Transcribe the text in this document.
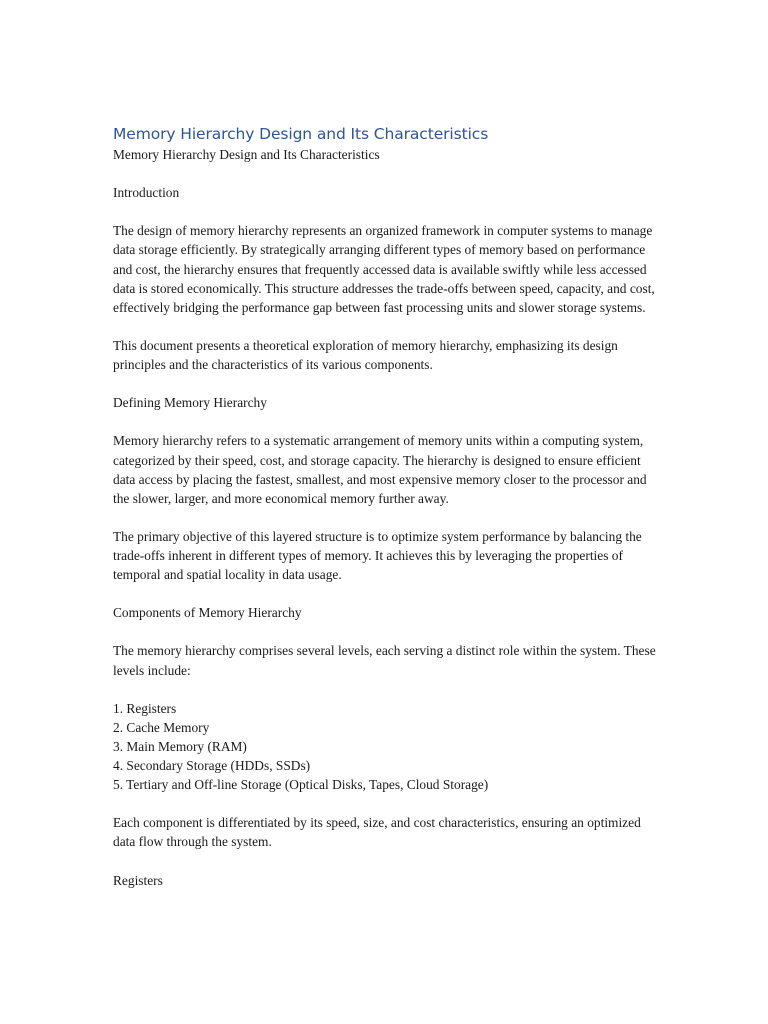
Memory Hierarchy Design and Its Characteristics

Memory Hierarchy Design and Its Characteristics

Introduction

The design of memory hierarchy represents an organized framework in computer systems to manage data storage efficiently. By strategically arranging different types of memory based on performance and cost, the hierarchy ensures that frequently accessed data is available swiftly while less accessed data is stored economically. This structure addresses the trade-offs between speed, capacity, and cost, effectively bridging the performance gap between fast processing units and slower storage systems.

This document presents a theoretical exploration of memory hierarchy, emphasizing its design principles and the characteristics of its various components.

Defining Memory Hierarchy

Memory hierarchy refers to a systematic arrangement of memory units within a computing system, categorized by their speed, cost, and storage capacity. The hierarchy is designed to ensure efficient data access by placing the fastest, smallest, and most expensive memory closer to the processor and the slower, larger, and more economical memory further away.

The primary objective of this layered structure is to optimize system performance by balancing the trade-offs inherent in different types of memory. It achieves this by leveraging the properties of temporal and spatial locality in data usage.

Components of Memory Hierarchy

The memory hierarchy comprises several levels, each serving a distinct role within the system. These levels include:

1. Registers
2. Cache Memory
3. Main Memory (RAM)
4. Secondary Storage (HDDs, SSDs)
5. Tertiary and Off-line Storage (Optical Disks, Tapes, Cloud Storage)

Each component is differentiated by its speed, size, and cost characteristics, ensuring an optimized data flow through the system.

Registers
